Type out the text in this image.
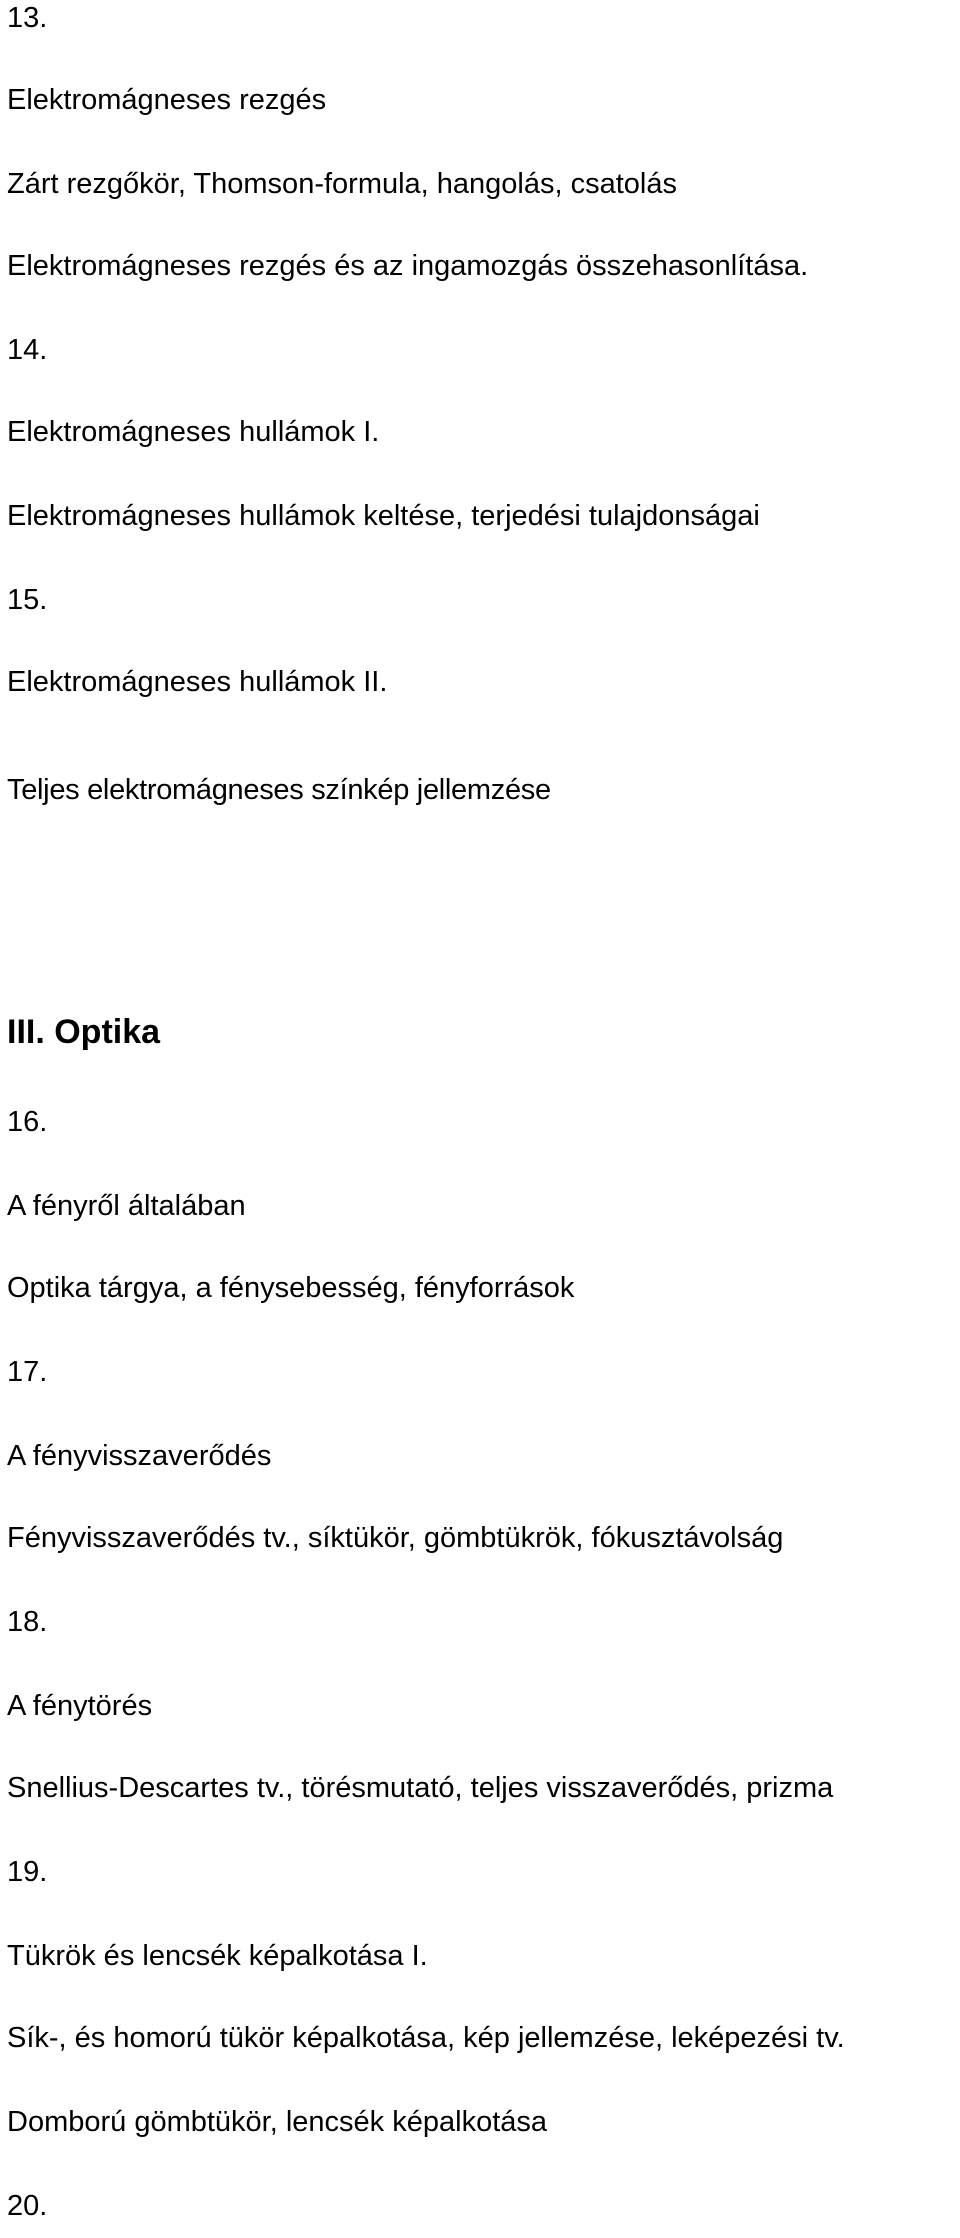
13.

Elektromágneses rezgés

Zárt rezgőkör, Thomson-formula, hangolás, csatolás

Elektromágneses rezgés és az ingamozgás összehasonlítása.

14.

Elektromágneses hullámok I.

Elektromágneses hullámok keltése, terjedési tulajdonságai

15.

Elektromágneses hullámok II.

Teljes elektromágneses színkép jellemzése

III. Optika

16.

A fényről általában

Optika tárgya, a fénysebesség, fényforrások

17.

A fényvisszaverődés

Fényvisszaverődés tv., síktükör, gömbtükrök, fókusztávolság

18.

A fénytörés

Snellius-Descartes tv., törésmutató, teljes visszaverődés, prizma

19.

Tükrök és lencsék képalkotása I.

Sík-, és homorú tükör képalkotása, kép jellemzése, leképezési tv.

Domború gömbtükör, lencsék képalkotása

20.
